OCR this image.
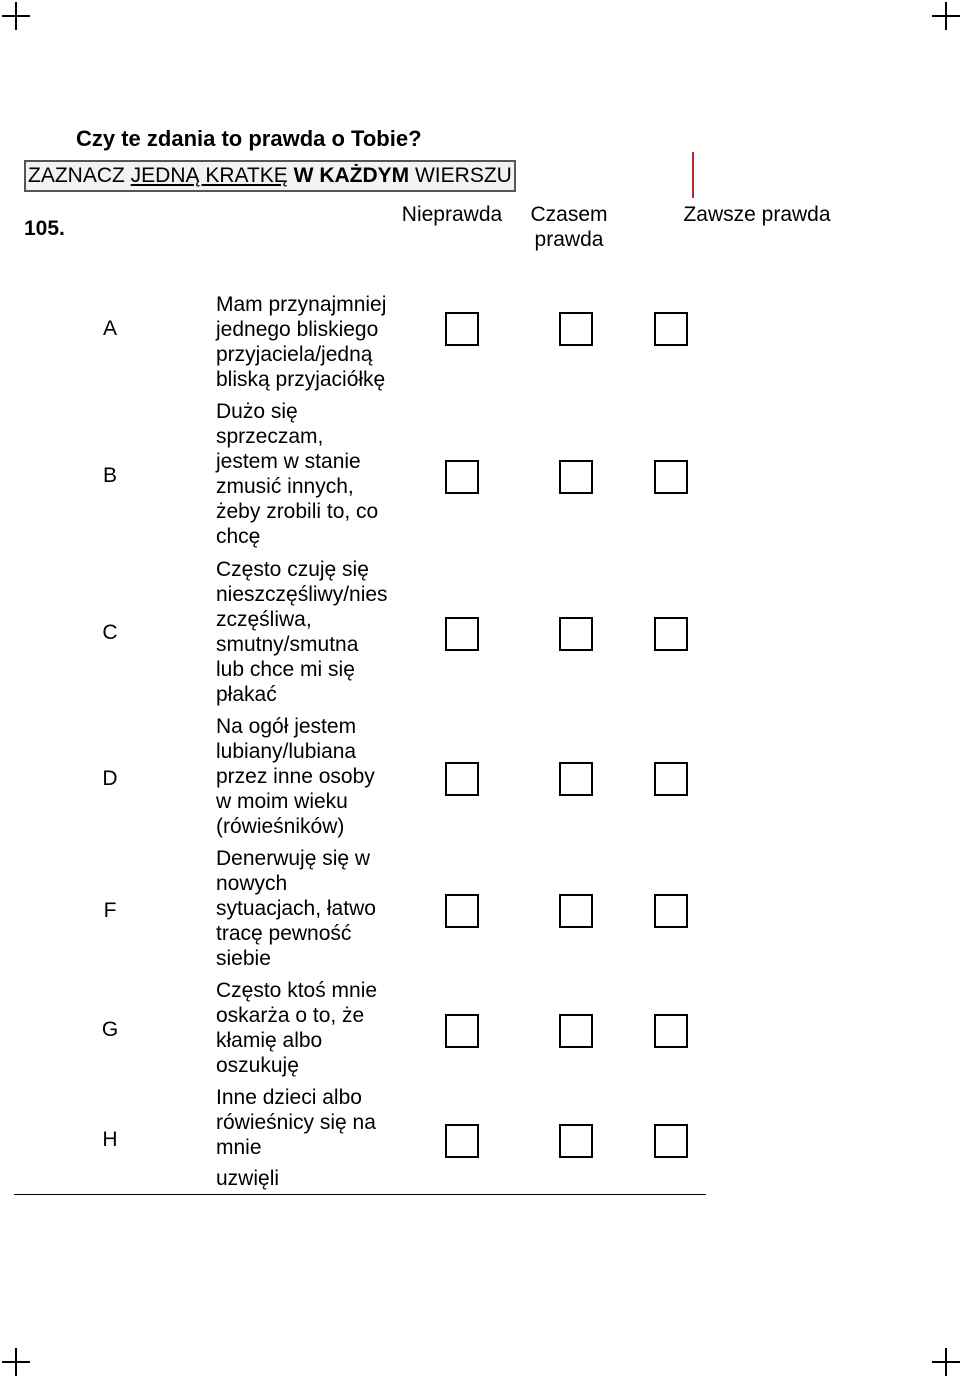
Czy te zdania to prawda o Tobie?
ZAZNACZ JEDNĄ KRATKĘ W KAŻDYM WIERSZU
105.
Nieprawda	Czasem prawda
Zawsze prawda
A
Mam przynajmniej
jednego bliskiego
przyjaciela/jedną
bliską przyjaciółkę
B
Dużo się
sprzeczam,
jestem w stanie
zmusić innych,
żeby zrobili to, co
chcę
C
Często czuję się
nieszczęśliwy/nies
zczęśliwa,
smutny/smutna
lub chce mi się
płakać
D
Na ogół jestem
lubiany/lubiana
przez inne osoby
w moim wieku
(rówieśników)
F
Denerwuję się w
nowych
sytuacjach, łatwo
tracę pewność
siebie
G
Często ktoś mnie
oskarża o to, że
kłamię albo
oszukuję
H
Inne dzieci albo
rówieśnicy się na
mnie
uzwięli
